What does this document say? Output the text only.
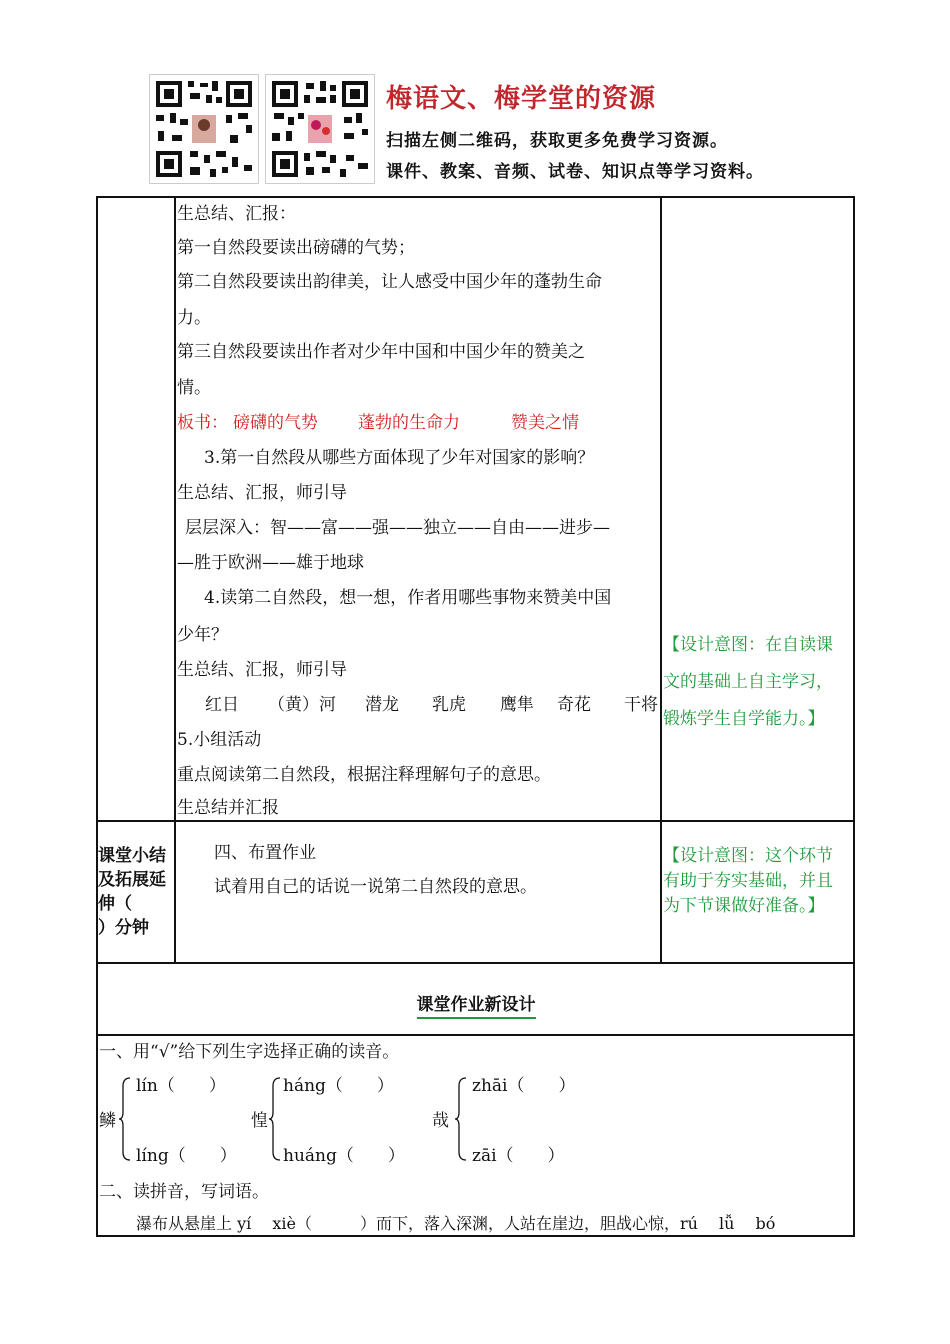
梅语文、梅学堂的资源
扫描左侧二维码，获取更多免费学习资源。
课件、教案、音频、试卷、知识点等学习资料。
生总结、汇报：
第一自然段要读出磅礴的气势；
第二自然段要读出韵律美，让人感受中国少年的蓬勃生命
力。
第三自然段要读出作者对少年中国和中国少年的赞美之
情。
板书： 磅礴的气势 蓬勃的生命力	赞美之情
3.第一自然段从哪些方面体现了少年对国家的影响？
生总结、汇报，师引导
层层深入：智——富——强——独立——自由——进步—
—胜于欧洲——雄于地球
4.读第二自然段，想一想，作者用哪些事物来赞美中国
少年？
生总结、汇报，师引导
红日 （黄）河 潜龙 乳虎 鹰隼 奇花 干将
5.小组活动
重点阅读第二自然段，根据注释理解句子的意思。
生总结并汇报
【设计意图：在自读课
文的基础上自主学习，
锻炼学生自学能力。】
课堂小结
及拓展延
伸（
）分钟
四、布置作业
试着用自己的话说一说第二自然段的意思。
【设计意图：这个环节
有助于夯实基础，并且
为下节课做好准备。】
课堂作业新设计
一、用“√”给下列生字选择正确的读音。
鳞
lín（　　）
líng（　　）
惶
háng（　　）
huáng（　　）
哉
zhāi（　　）
zāi（　　）
二、读拼音，写词语。
瀑布从悬崖上 yí　 xiè（　　　）而下，落入深渊，人站在崖边，胆战心惊，rú　 lǚ　 bó
